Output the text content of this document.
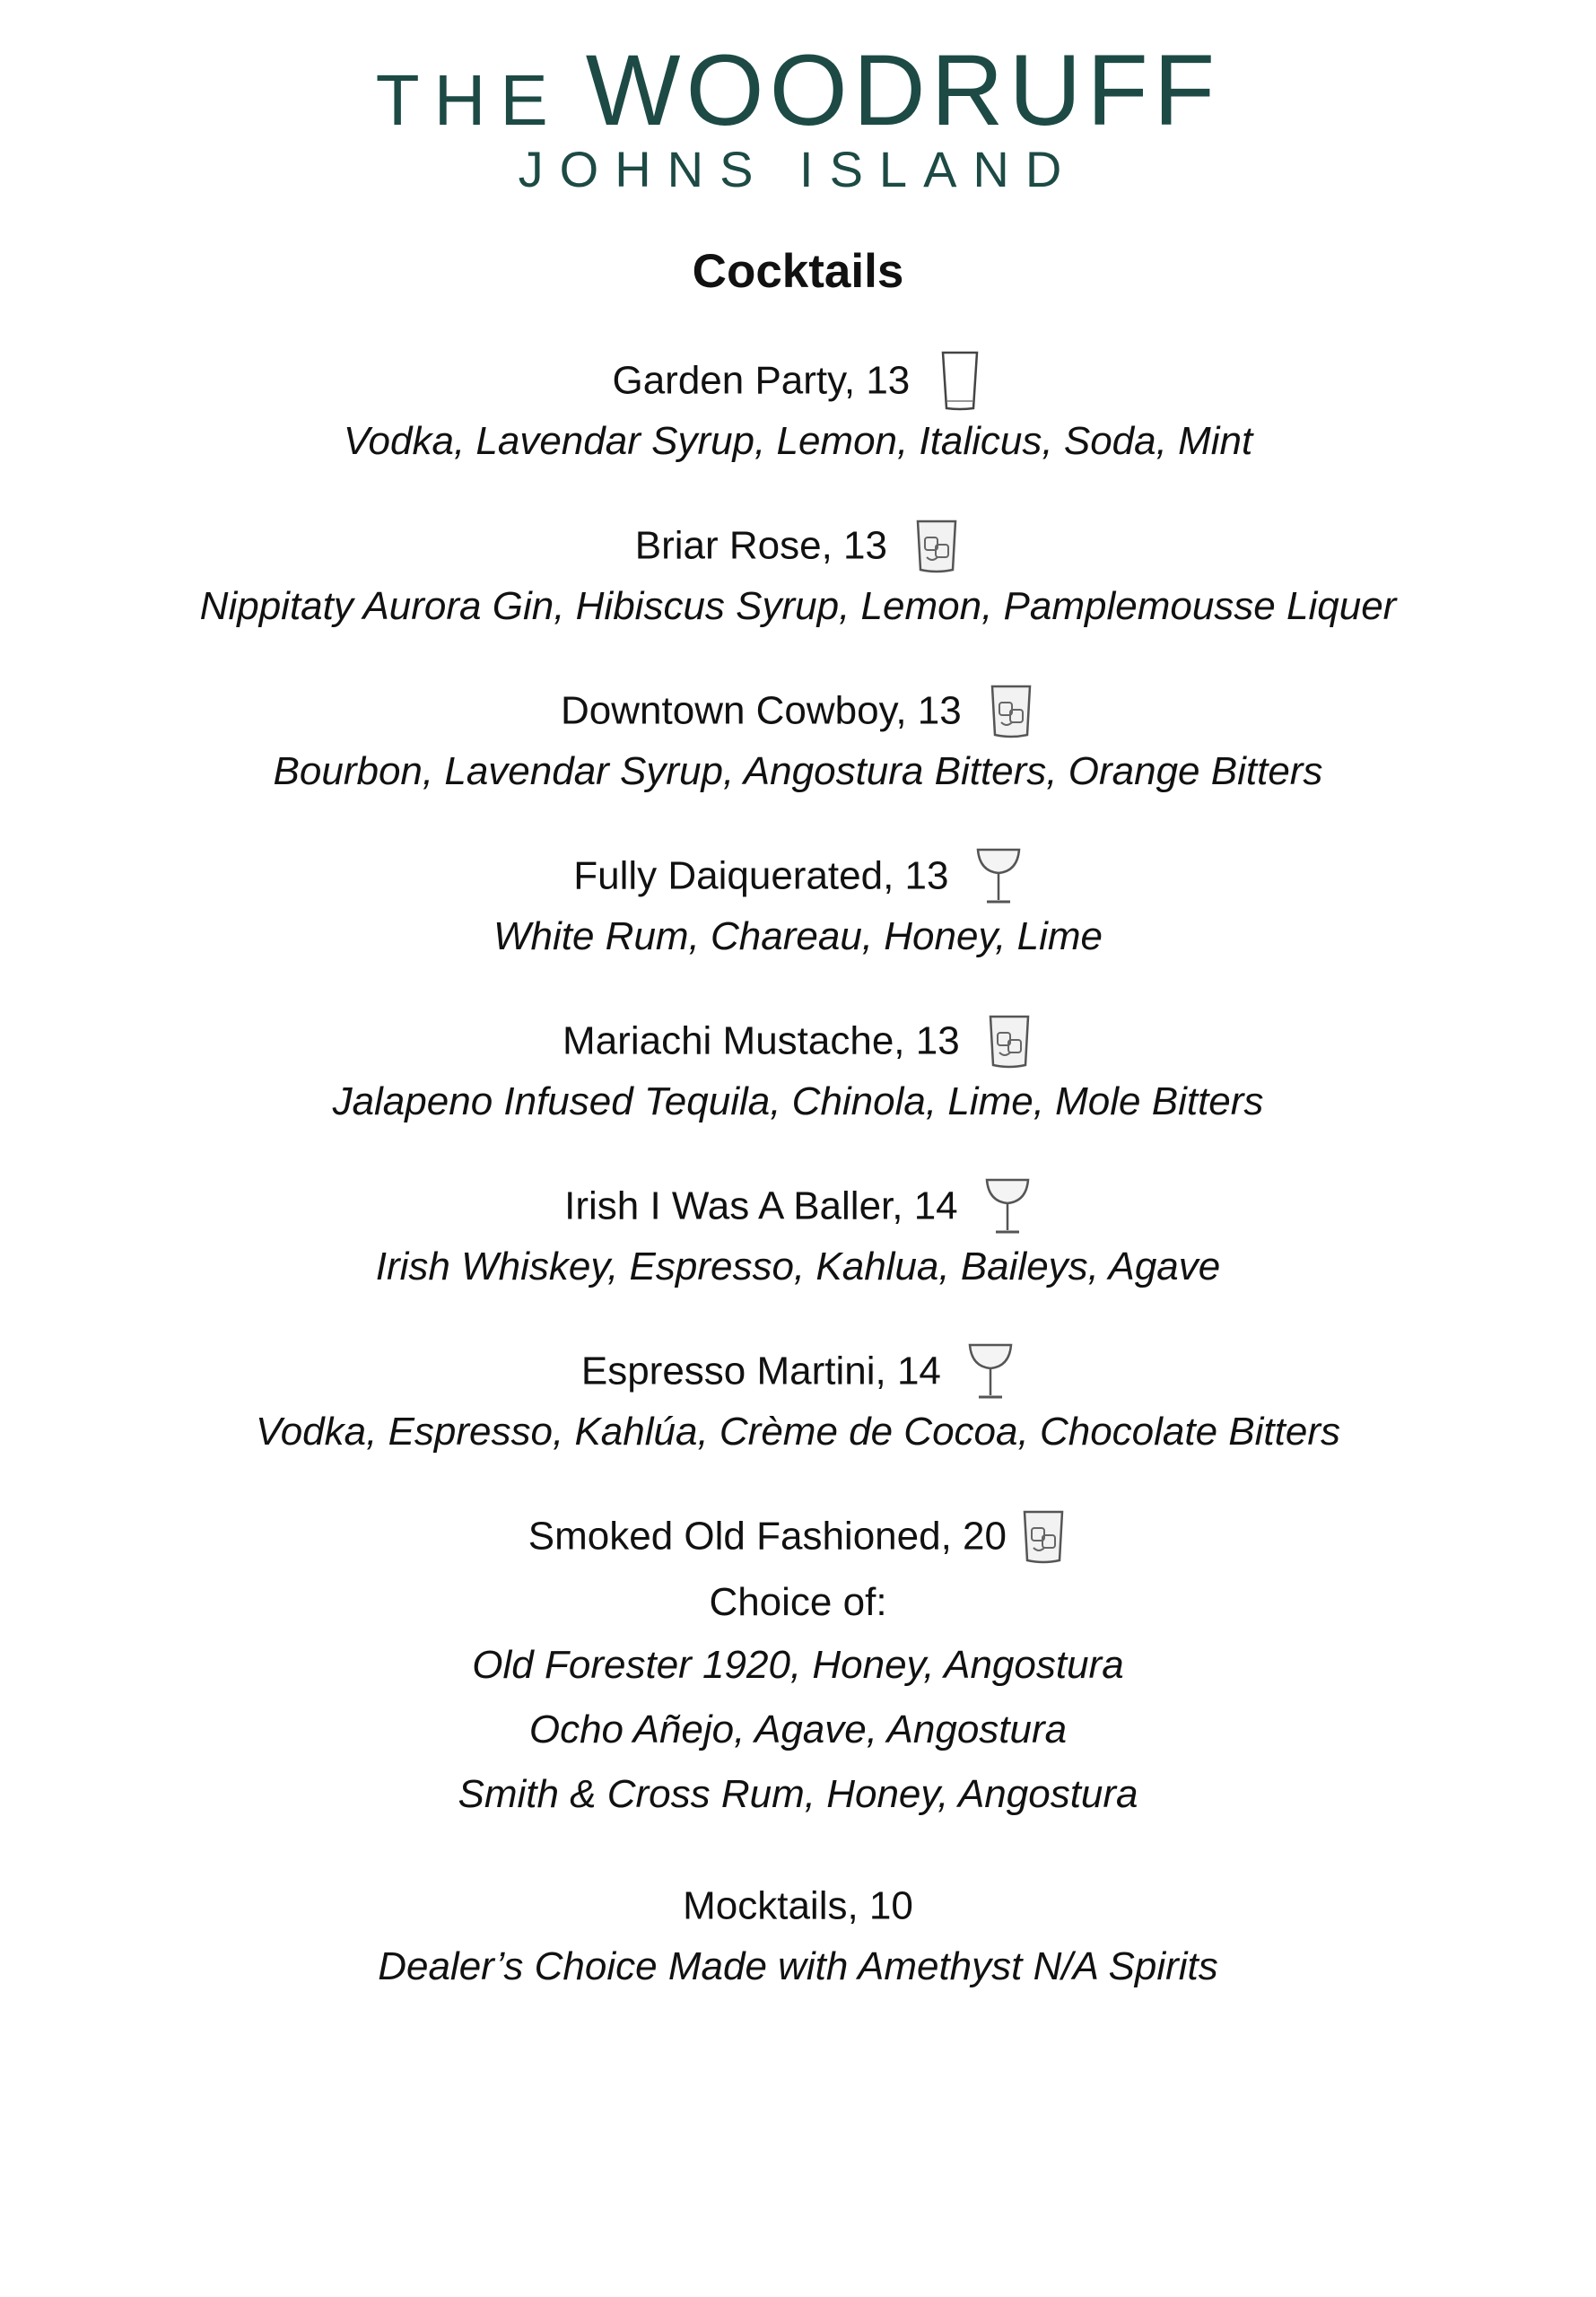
THE WOODRUFF
JOHNS ISLAND
Cocktails
Garden Party, 13
Vodka, Lavendar Syrup, Lemon, Italicus, Soda, Mint
Briar Rose, 13
Nippitaty Aurora Gin, Hibiscus Syrup, Lemon, Pamplemousse Liquer
Downtown Cowboy, 13
Bourbon, Lavendar Syrup, Angostura Bitters, Orange Bitters
Fully Daiquerated, 13
White Rum, Chareau, Honey, Lime
Mariachi Mustache, 13
Jalapeno Infused Tequila, Chinola, Lime, Mole Bitters
Irish I Was A Baller, 14
Irish Whiskey, Espresso, Kahlua, Baileys, Agave
Espresso Martini, 14
Vodka, Espresso, Kahlúa, Crème de Cocoa, Chocolate Bitters
Smoked Old Fashioned, 20
Choice of:
Old Forester 1920, Honey, Angostura
Ocho Añejo, Agave, Angostura
Smith & Cross Rum, Honey, Angostura
Mocktails, 10
Dealer’s Choice Made with Amethyst N/A Spirits
